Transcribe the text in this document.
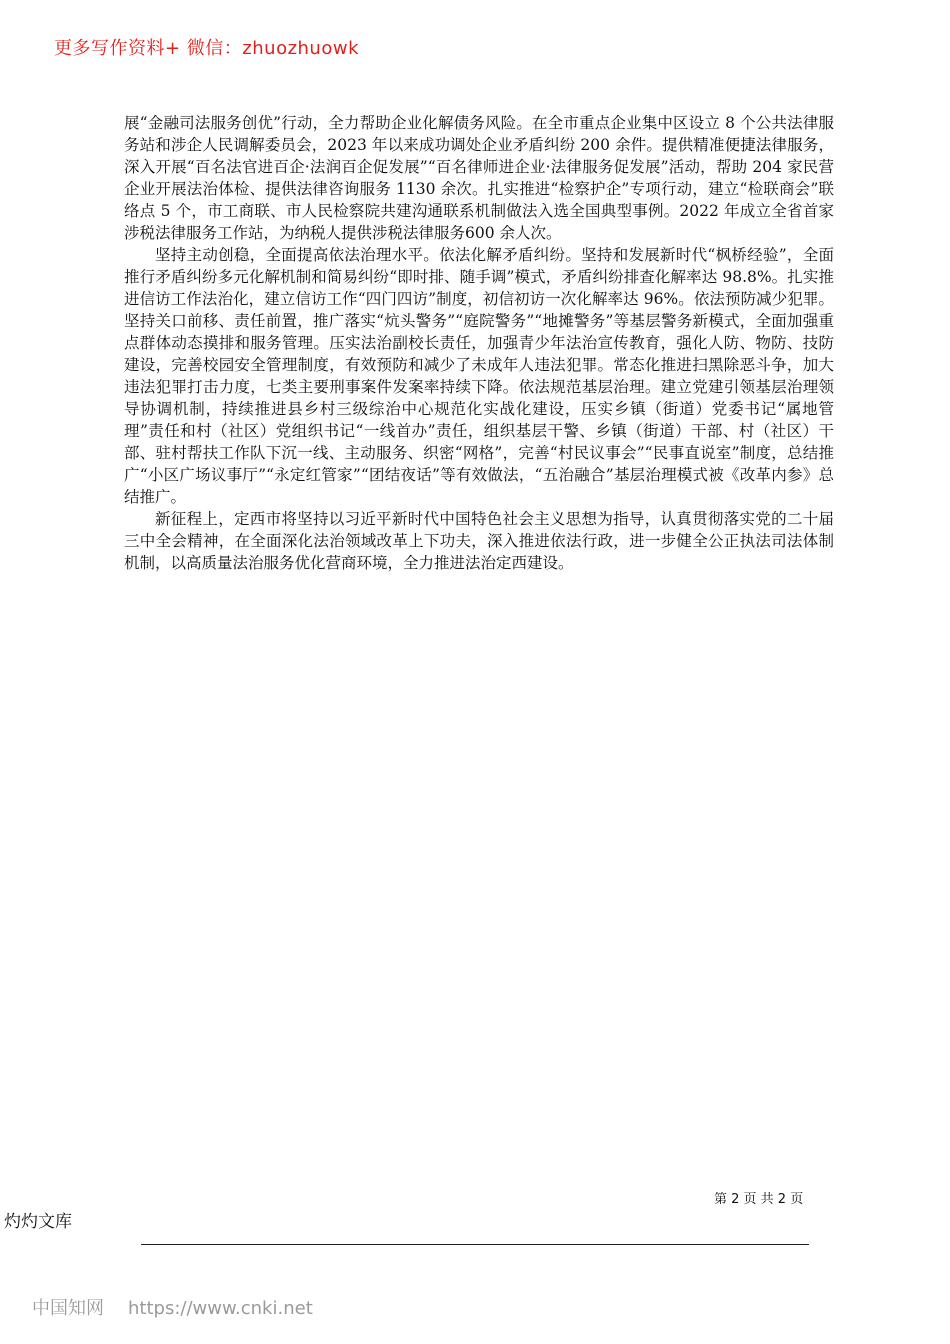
更多写作资料+ 微信：zhuozhuowk

展“金融司法服务创优”行动，全力帮助企业化解债务风险。在全市重点企业集中区设立 8 个公共法律服务站和涉企人民调解委员会，2023 年以来成功调处企业矛盾纠纷 200 余件。提供精准便捷法律服务，深入开展“百名法官进百企·法润百企促发展”“百名律师进企业·法律服务促发展”活动，帮助 204 家民营企业开展法治体检、提供法律咨询服务 1130 余次。扎实推进“检察护企”专项行动，建立“检联商会”联络点 5 个，市工商联、市人民检察院共建沟通联系机制做法入选全国典型事例。2022 年成立全省首家涉税法律服务工作站，为纳税人提供涉税法律服务600 余人次。

坚持主动创稳，全面提高依法治理水平。依法化解矛盾纠纷。坚持和发展新时代“枫桥经验”，全面推行矛盾纠纷多元化解机制和简易纠纷“即时排、随手调”模式，矛盾纠纷排查化解率达 98.8%。扎实推进信访工作法治化，建立信访工作“四门四访”制度，初信初访一次化解率达 96%。依法预防减少犯罪。坚持关口前移、责任前置，推广落实“炕头警务”“庭院警务”“地摊警务”等基层警务新模式，全面加强重点群体动态摸排和服务管理。压实法治副校长责任，加强青少年法治宣传教育，强化人防、物防、技防建设，完善校园安全管理制度，有效预防和减少了未成年人违法犯罪。常态化推进扫黑除恶斗争，加大违法犯罪打击力度，七类主要刑事案件发案率持续下降。依法规范基层治理。建立党建引领基层治理领导协调机制，持续推进县乡村三级综治中心规范化实战化建设，压实乡镇（街道）党委书记“属地管理”责任和村（社区）党组织书记“一线首办”责任，组织基层干警、乡镇（街道）干部、村（社区）干部、驻村帮扶工作队下沉一线、主动服务、织密“网格”，完善“村民议事会”“民事直说室”制度，总结推广“小区广场议事厅”“永定红管家”“团结夜话”等有效做法，“五治融合”基层治理模式被《改革内参》总结推广。

新征程上，定西市将坚持以习近平新时代中国特色社会主义思想为指导，认真贯彻落实党的二十届三中全会精神，在全面深化法治领域改革上下功夫，深入推进依法行政，进一步健全公正执法司法体制机制，以高质量法治服务优化营商环境，全力推进法治定西建设。

第 2 页 共 2 页
灼灼文库
中国知网 https://www.cnki.net
